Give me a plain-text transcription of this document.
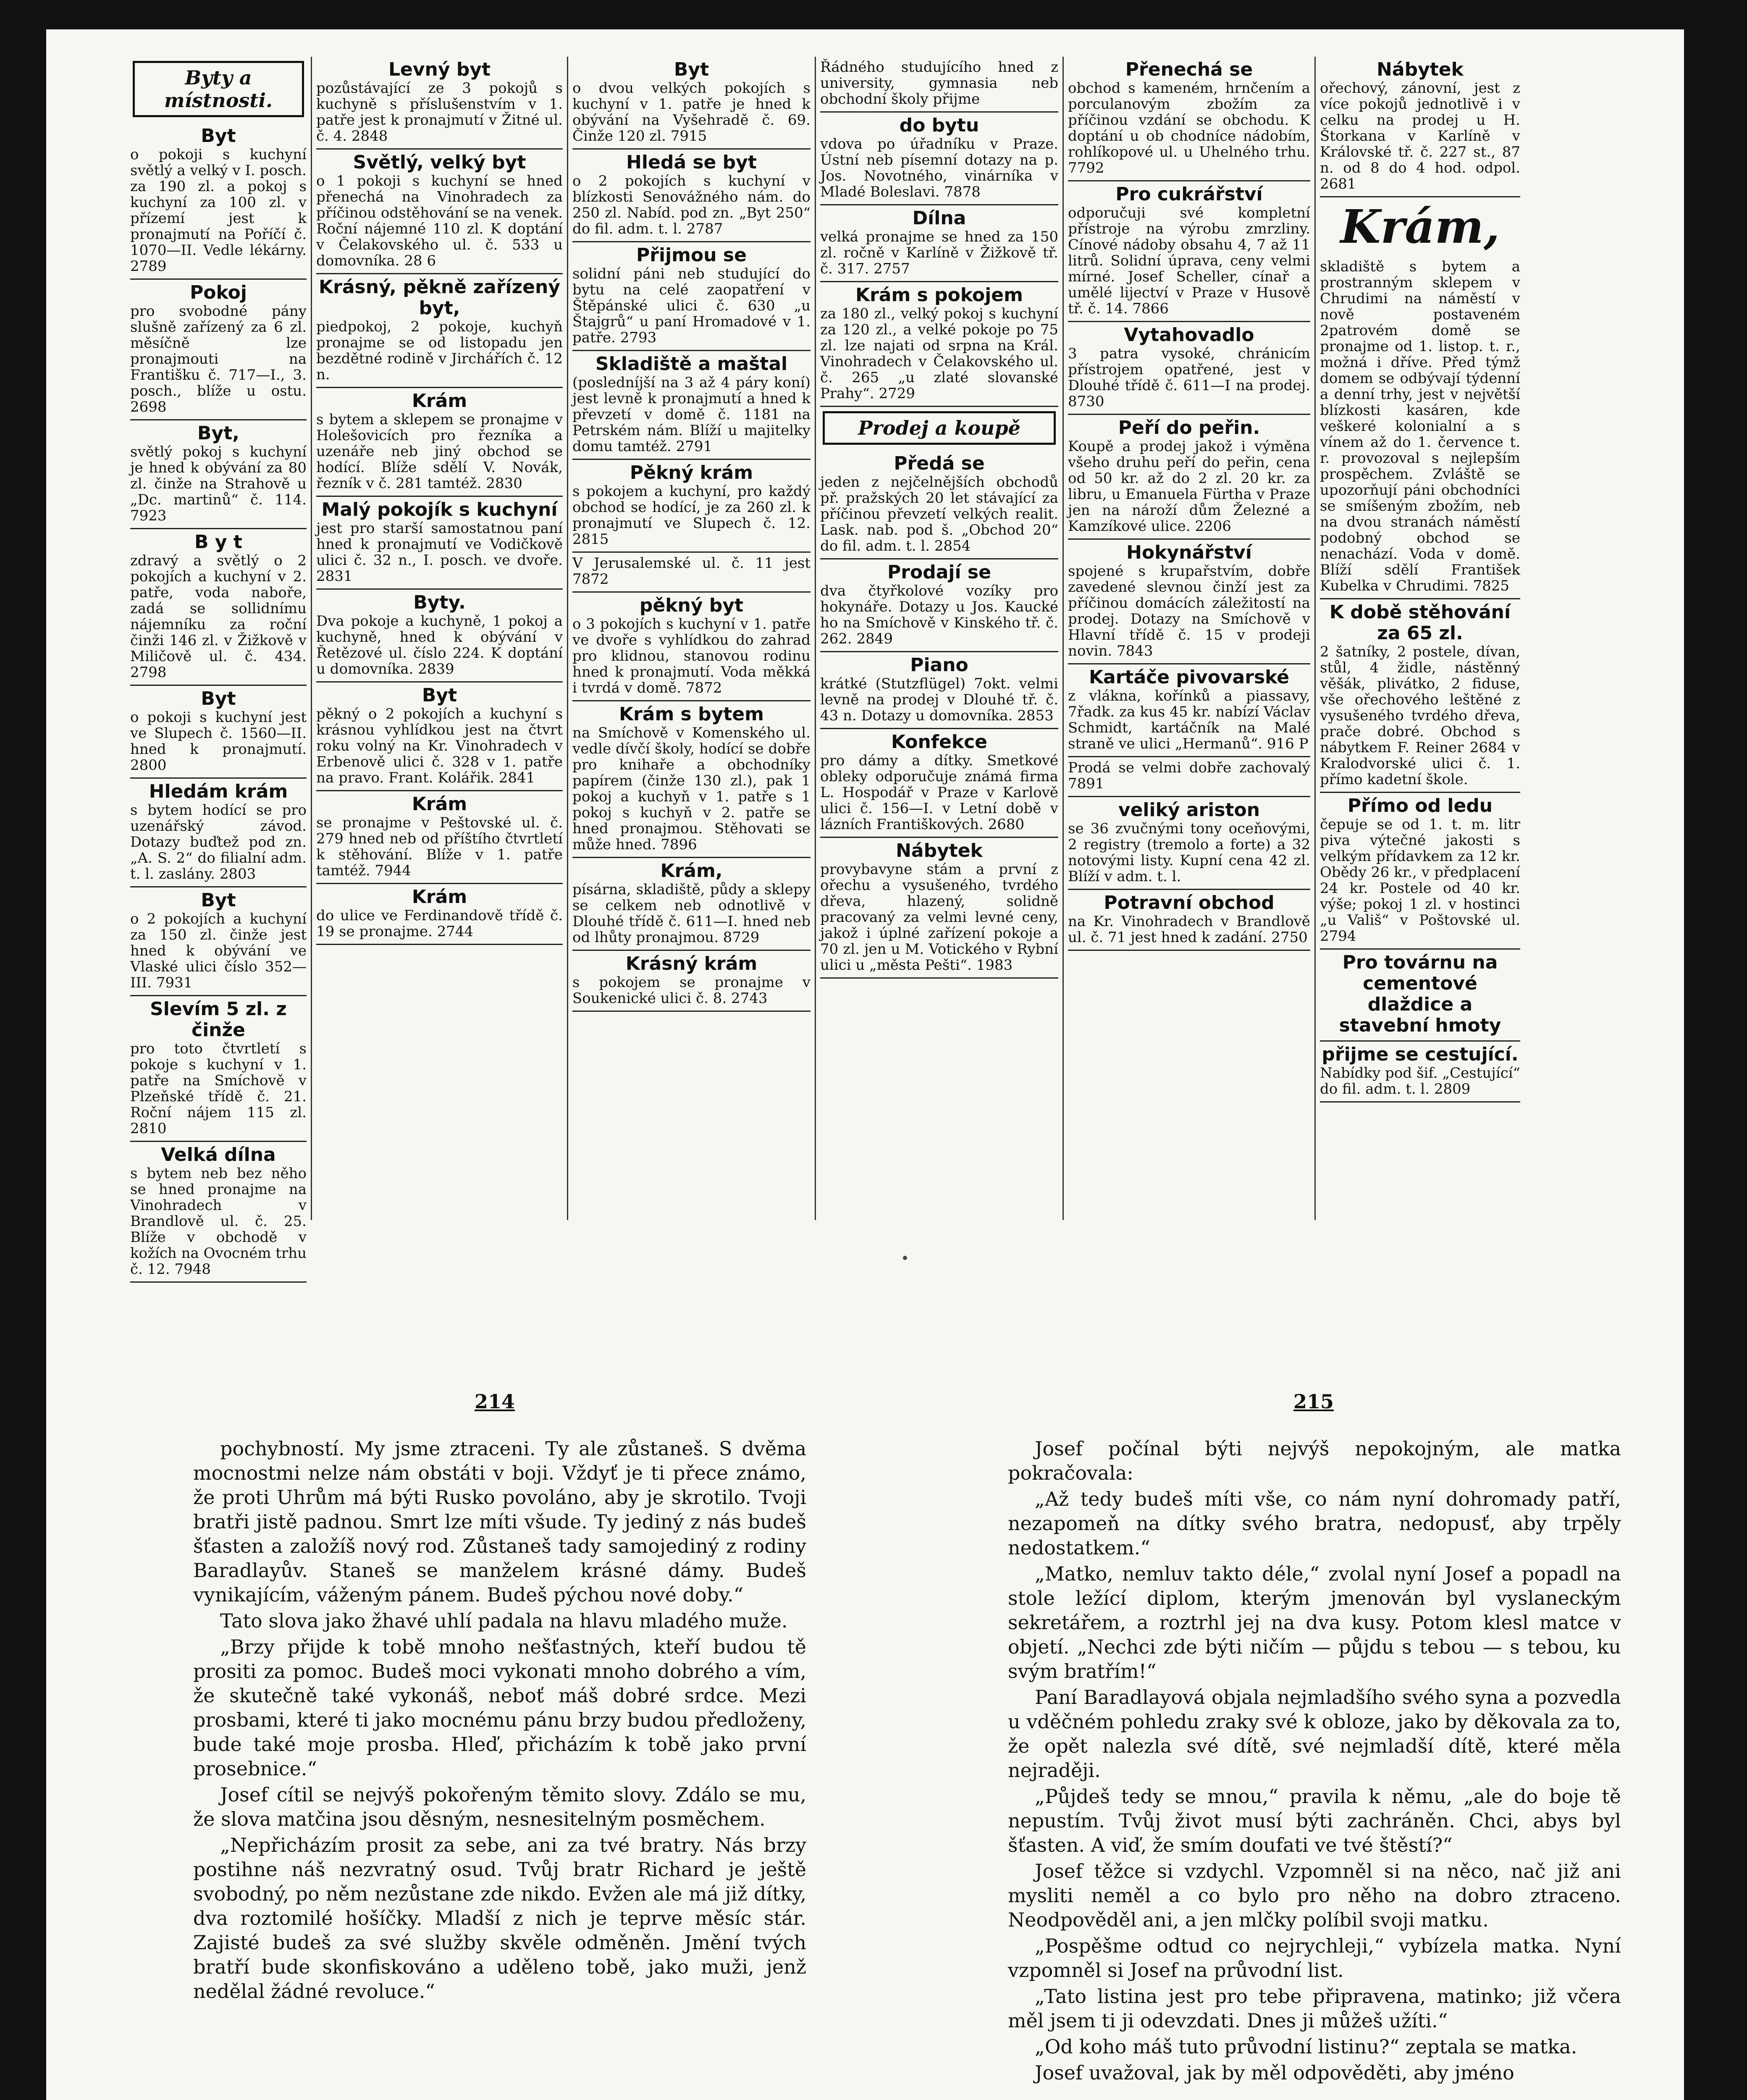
Byty a místnosti.
Byt
o pokoji s kuchyní světlý a velký v I. posch. za 190 zl. a pokoj s kuchyní za 100 zl. v přízemí jest k pronajmutí na Poříčí č. 1070—II. Vedle lékárny. 2789
Pokoj
pro svobodné pány slušně zařízený za 6 zl. měsíčně lze pronajmouti na Františku č. 717—I., 3. posch., blíže u ostu. 2698
Byt,
světlý pokoj s kuchyní je hned k obývání za 80 zl. činže na Strahově u „Dc. martinů“ č. 114. 7923
B y t
zdravý a světlý o 2 pokojích a kuchyní v 2. patře, voda naboře, zadá se sollidnímu nájemníku za roční činži 146 zl. v Žižkově v Miličově ul. č. 434. 2798
Byt
o pokoji s kuchyní jest ve Slupech č. 1560—II. hned k pronajmutí. 2800
Hledám krám
s bytem hodící se pro uzenářský závod. Dotazy buďtež pod zn. „A. S. 2“ do filialní adm. t. l. zaslány. 2803
Byt
o 2 pokojích a kuchyní za 150 zl. činže jest hned k obývání ve Vlaské ulici číslo 352—III. 7931
Slevím 5 zl. z činže
pro toto čtvrtletí s pokoje s kuchyní v 1. patře na Smíchově v Plzeňské třídě č. 21. Roční nájem 115 zl. 2810
Velká dílna
s bytem neb bez něho se hned pronajme na Vinohradech v Brandlově ul. č. 25. Blíže v obchodě v kožích na Ovocném trhu č. 12. 7948
Levný byt
pozůstávající ze 3 pokojů s kuchyně s příslušenstvím v 1. patře jest k pronajmutí v Žitné ul. č. 4. 2848
Světlý, velký byt
o 1 pokoji s kuchyní se hned přenechá na Vinohradech za příčinou odstěhování se na venek. Roční nájemné 110 zl. K doptání v Čelakovského ul. č. 533 u domovníka. 28 6
Krásný, pěkně zařízený byt,
piedpokoj, 2 pokoje, kuchyň pronajme se od listopadu jen bezdětné rodině v Jirchářích č. 12 n.
Krám
s bytem a sklepem se pronajme v Holešovicích pro řezníka a uzenáře neb jiný obchod se hodící. Blíže sdělí V. Novák, řezník v č. 281 tamtéž. 2830
Malý pokojík s kuchyní
jest pro starší samostatnou paní hned k pronajmutí ve Vodičkově ulici č. 32 n., I. posch. ve dvoře. 2831
Byty.
Dva pokoje a kuchyně, 1 pokoj a kuchyně, hned k obývání v Řetězové ul. číslo 224. K doptání u domovníka. 2839
Byt
pěkný o 2 pokojích a kuchyní s krásnou vyhlídkou jest na čtvrt roku volný na Kr. Vinohradech v Erbenově ulici č. 328 v 1. patře na pravo. Frant. Kolářik. 2841
Krám
se pronajme v Peštovské ul. č. 279 hned neb od příštího čtvrtletí k stěhování. Blíže v 1. patře tamtéž. 7944
Krám
do ulice ve Ferdinandově třídě č. 19 se pronajme. 2744
Byt
o dvou velkých pokojích s kuchyní v 1. patře je hned k obývání na Vyšehradě č. 69. Činže 120 zl. 7915
Hledá se byt
o 2 pokojích s kuchyní v blízkosti Senovážného nám. do 250 zl. Nabíd. pod zn. „Byt 250“ do fil. adm. t. l. 2787
Přijmou se
solidní páni neb studující do bytu na celé zaopatření v Štěpánské ulici č. 630 „u Štajgrů“ u paní Hromadové v 1. patře. 2793
Skladiště a maštal
(posledníjší na 3 až 4 páry koní) jest levně k pronajmutí a hned k převzetí v domě č. 1181 na Petrském nám. Blíží u majitelky domu tamtéž. 2791
Pěkný krám
s pokojem a kuchyní, pro každý obchod se hodící, je za 260 zl. k pronajmutí ve Slupech č. 12. 2815
V Jerusalemské ul. č. 11 jest 7872
pěkný byt
o 3 pokojích s kuchyní v 1. patře ve dvoře s vyhlídkou do zahrad pro klidnou, stanovou rodinu hned k pronajmutí. Voda měkká i tvrdá v domě. 7872
Krám s bytem
na Smíchově v Komenského ul. vedle dívčí školy, hodící se dobře pro knihaře a obchodníky papírem (činže 130 zl.), pak 1 pokoj a kuchyň v 1. patře s 1 pokoj s kuchyň v 2. patře se hned pronajmou. Stěhovati se může hned. 7896
Krám,
písárna, skladiště, půdy a sklepy se celkem neb odnotlivě v Dlouhé třídě č. 611—I. hned neb od lhůty pronajmou. 8729
Krásný krám
s pokojem se pronajme v Soukenické ulici č. 8. 2743
Řádného studujícího hned z university, gymnasia neb obchodní školy přijme
do bytu
vdova po úřadníku v Praze. Ústní neb písemní dotazy na p. Jos. Novotného, vinárníka v Mladé Boleslavi. 7878
Dílna
velká pronajme se hned za 150 zl. ročně v Karlíně v Žižkově tř. č. 317. 2757
Krám s pokojem
za 180 zl., velký pokoj s kuchyní za 120 zl., a velké pokoje po 75 zl. lze najati od srpna na Král. Vinohradech v Čelakovského ul. č. 265 „u zlaté slovanské Prahy“. 2729
Prodej a koupě
Předá se
jeden z nejčelnějších obchodů př. pražských 20 let stávající za příčinou převzetí velkých realit. Lask. nab. pod š. „Obchod 20“ do fil. adm. t. l. 2854
Prodají se
dva čtyřkolové vozíky pro hokynáře. Dotazy u Jos. Kaucké ho na Smíchově v Kinského tř. č. 262. 2849
Piano
krátké (Stutzflügel) 7okt. velmi levně na prodej v Dlouhé tř. č. 43 n. Dotazy u domovníka. 2853
Konfekce
pro dámy a dítky. Smetkové obleky odporučuje známá firma L. Hospodář v Praze v Karlově ulici č. 156—I. v Letní době v lázních Františkových. 2680
Nábytek
provybavyne stám a první z ořechu a vysušeného, tvrdého dřeva, hlazený, solidně pracovaný za velmi levné ceny, jakož i úplné zařízení pokoje a 70 zl. jen u M. Votického v Rybní ulici u „města Pešti“. 1983
Přenechá se
obchod s kameném, hrnčením a porculanovým zbožím za příčinou vzdání se obchodu. K doptání u ob chodníce nádobím, rohlíkopové ul. u Uhelného trhu. 7792
Pro cukrářství
odporučuji své kompletní přístroje na výrobu zmrzliny. Cínové nádoby obsahu 4, 7 až 11 litrů. Solidní úprava, ceny velmi mírné. Josef Scheller, cínař a umělé lijectví v Praze v Husově tř. č. 14. 7866
Vytahovadlo
3 patra vysoké, chránicím přístrojem opatřené, jest v Dlouhé třídě č. 611—I na prodej. 8730
Peří do peřin.
Koupě a prodej jakož i výměna všeho druhu peří do peřin, cena od 50 kr. až do 2 zl. 20 kr. za libru, u Emanuela Fürtha v Praze jen na nároží dům Železné a Kamzíkové ulice. 2206
Hokynářství
spojené s krupařstvím, dobře zavedené slevnou činží jest za příčinou domácích záležitostí na prodej. Dotazy na Smíchově v Hlavní třídě č. 15 v prodeji novin. 7843
Kartáče pivovarské
z vlákna, kořínků a piassavy, 7řadk. za kus 45 kr. nabízí Václav Schmidt, kartáčník na Malé straně ve ulici „Hermanů“. 916 P
Prodá se velmi dobře zachovalý 7891
veliký ariston
se 36 zvučnými tony oceňovými, 2 registry (tremolo a forte) a 32 notovými listy. Kupní cena 42 zl. Blíží v adm. t. l.
Potravní obchod
na Kr. Vinohradech v Brandlově ul. č. 71 jest hned k zadání. 2750
Nábytek
ořechový, zánovní, jest z více pokojů jednotlivě i v celku na prodej u H. Štorkana v Karlíně v Královské tř. č. 227 st., 87 n. od 8 do 4 hod. odpol. 2681
Krám,
skladiště s bytem a prostranným sklepem v Chrudimi na náměstí v nově postaveném 2patrovém domě se pronajme od 1. listop. t. r., možná i dříve. Před týmž domem se odbývají týdenní a denní trhy, jest v největší blízkosti kasáren, kde veškeré kolonialní a s vínem až do 1. července t. r. provozoval s nejlepším prospěchem. Zvláště se upozorňují páni obchodníci se smíšeným zbožím, neb na dvou stranách náměstí podobný obchod se nenachází. Voda v domě. Blíží sdělí František Kubelka v Chrudimi. 7825
K době stěhování za 65 zl.
2 šatníky, 2 postele, dívan, stůl, 4 židle, nástěnný věšák, plivátko, 2 fiduse, vše ořechového leštěné z vysušeného tvrdého dřeva, prače dobré. Obchod s nábytkem F. Reiner 2684 v Kralodvorské ulici č. 1. přímo kadetní škole.
Přímo od ledu
čepuje se od 1. t. m. litr piva výtečné jakosti s velkým přídavkem za 12 kr. Obědy 26 kr., v předplacení 24 kr. Postele od 40 kr. výše; pokoj 1 zl. v hostinci „u Vališ“ v Poštovské ul. 2794
Pro továrnu na cementové dlaždice a stavební hmoty
přijme se cestující.
Nabídky pod šif. „Cestující“ do fil. adm. t. l. 2809
214	215

pochybností. My jsme ztraceni. Ty ale zůstaneš. S dvěma mocnostmi nelze nám obstáti v boji. Vždyť je ti přece známo, že proti Uhrům má býti Rusko povoláno, aby je skrotilo. Tvoji bratři jistě padnou. Smrt lze míti všude. Ty jediný z nás budeš šťasten a založíš nový rod. Zůstaneš tady samojediný z rodiny Baradlayův. Staneš se manželem krásné dámy. Budeš vynikajícím, váženým pánem. Budeš pýchou nové doby.“

Tato slova jako žhavé uhlí padala na hlavu mladého muže.

„Brzy přijde k tobě mnoho nešťastných, kteří budou tě prositi za pomoc. Budeš moci vykonati mnoho dobrého a vím, že skutečně také vykonáš, neboť máš dobré srdce. Mezi prosbami, které ti jako mocnému pánu brzy budou předloženy, bude také moje prosba. Hleď, přicházím k tobě jako první prosebnice.“

Josef cítil se nejvýš pokořeným těmito slovy. Zdálo se mu, že slova matčina jsou děsným, nesnesitelným posměchem.

„Nepřicházím prosit za sebe, ani za tvé bratry. Nás brzy postihne náš nezvratný osud. Tvůj bratr Richard je ještě svobodný, po něm nezůstane zde nikdo. Evžen ale má již dítky, dva roztomilé hošíčky. Mladší z nich je teprve měsíc stár. Zajisté budeš za své služby skvěle odměněn. Jmění tvých bratří bude skonfiskováno a uděleno tobě, jako muži, jenž nedělal žádné revoluce.“

Josef počínal býti nejvýš nepokojným, ale matka pokračovala:

„Až tedy budeš míti vše, co nám nyní dohromady patří, nezapomeň na dítky svého bratra, nedopusť, aby trpěly nedostatkem.“

„Matko, nemluv takto déle,“ zvolal nyní Josef a popadl na stole ležící diplom, kterým jmenován byl vyslaneckým sekretářem, a roztrhl jej na dva kusy. Potom klesl matce v objetí. „Nechci zde býti ničím — půjdu s tebou — s tebou, ku svým bratřím!“

Paní Baradlayová objala nejmladšího svého syna a pozvedla u vděčném pohledu zraky své k obloze, jako by děkovala za to, že opět nalezla své dítě, své nejmladší dítě, které měla nejraději.

„Půjdeš tedy se mnou,“ pravila k němu, „ale do boje tě nepustím. Tvůj život musí býti zachráněn. Chci, abys byl šťasten. A viď, že smím doufati ve tvé štěstí?“

Josef těžce si vzdychl. Vzpomněl si na něco, nač již ani mysliti neměl a co bylo pro něho na dobro ztraceno. Neodpověděl ani, a jen mlčky políbil svoji matku.

„Pospěšme odtud co nejrychleji,“ vybízela matka. Nyní vzpomněl si Josef na průvodní list.

„Tato listina jest pro tebe připravena, matinko; již včera měl jsem ti ji odevzdati. Dnes ji můžeš užíti.“

„Od koho máš tuto průvodní listinu?“ zeptala se matka.

Josef uvažoval, jak by měl odpověděti, aby jméno
